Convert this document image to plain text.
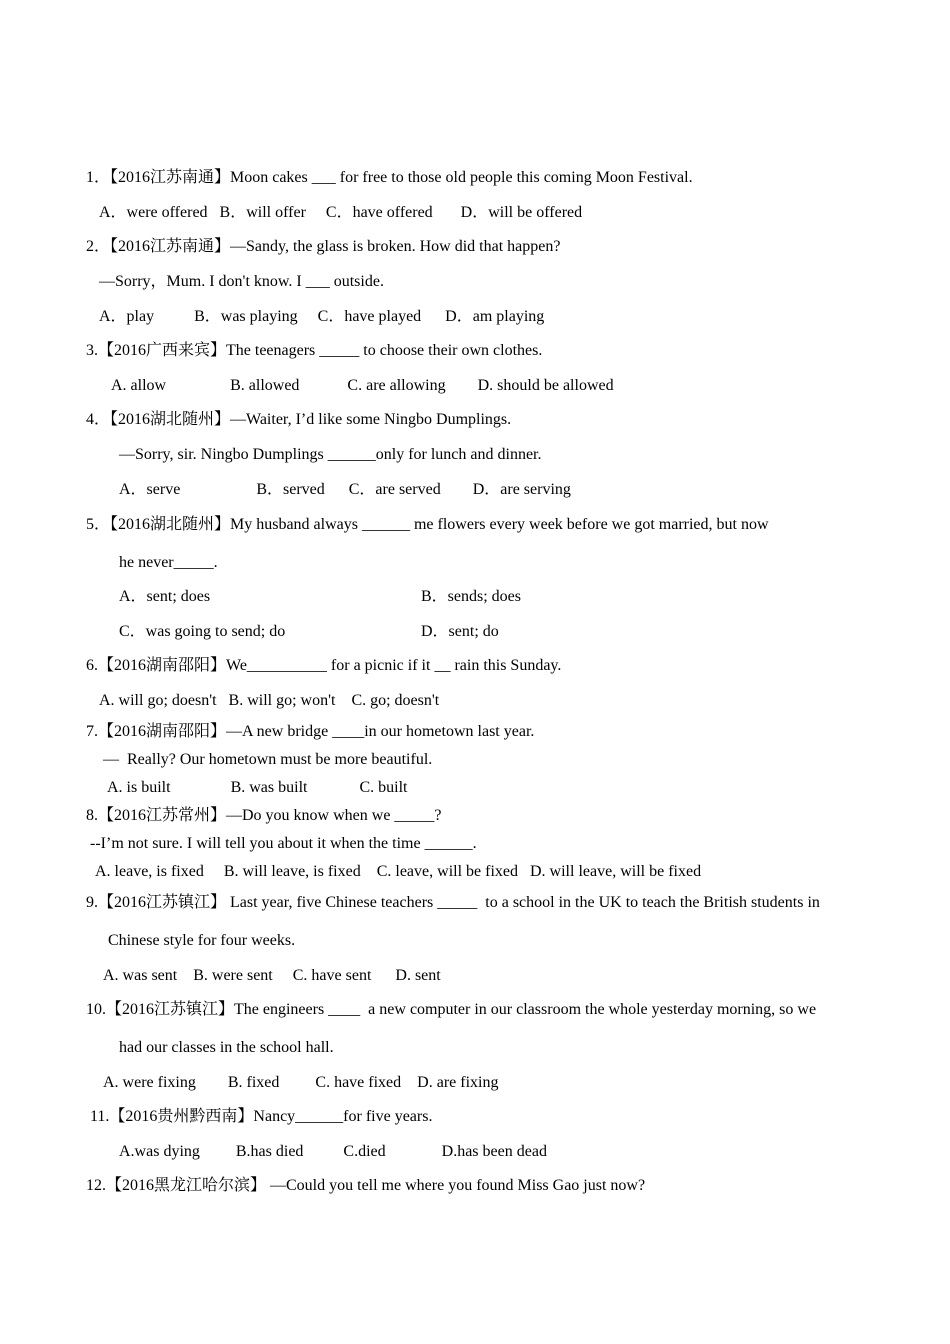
1．【2016江苏南通】Moon cakes ___ for free to those old people this coming Moon Festival.
A．were offered   B．will offer     C．have offered       D．will be offered
2．【2016江苏南通】—Sandy, the glass is broken. How did that happen?
—Sorry，Mum. I don't know. I ___ outside.
A．play          B．was playing     C．have played      D．am playing
3.【2016广西来宾】The teenagers _____ to choose their own clothes.
A. allow                B. allowed            C. are allowing        D. should be allowed
4．【2016湖北随州】—Waiter, I’d like some Ningbo Dumplings.
—Sorry, sir. Ningbo Dumplings ______only for lunch and dinner.
A．serve                   B．served      C．are served        D．are serving
5．【2016湖北随州】My husband always ______ me flowers every week before we got married, but now
he never_____.
A．sent; does	B．sends; does
C．was going to send; do	D．sent; do
6.【2016湖南邵阳】We__________ for a picnic if it __ rain this Sunday.
A. will go; doesn't   B. will go; won't    C. go; doesn't
7.【2016湖南邵阳】—A new bridge ____in our hometown last year.
—  Really? Our hometown must be more beautiful.
A. is built               B. was built             C. built
8.【2016江苏常州】—Do you know when we _____?
--I’m not sure. I will tell you about it when the time ______.
A. leave, is fixed     B. will leave, is fixed    C. leave, will be fixed   D. will leave, will be fixed
9.【2016江苏镇江】 Last year, five Chinese teachers _____  to a school in the UK to teach the British students in
Chinese style for four weeks.
A. was sent    B. were sent     C. have sent      D. sent
10.【2016江苏镇江】The engineers ____  a new computer in our classroom the whole yesterday morning, so we
had our classes in the school hall.
A. were fixing        B. fixed         C. have fixed    D. are fixing
11.【2016贵州黔西南】Nancy______for five years.
A.was dying         B.has died          C.died              D.has been dead
12.【2016黑龙江哈尔滨】 —Could you tell me where you found Miss Gao just now?
